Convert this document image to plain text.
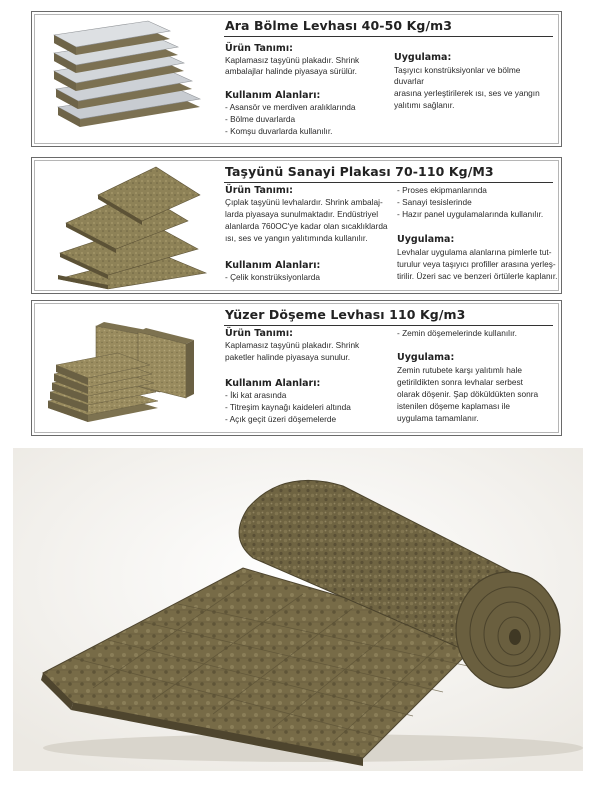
Ara Bölme Levhası 40-50 Kg/m3
Ürün Tanımı:
Kaplamasız taşyünü plakadır. Shrink
ambalajlar halinde piyasaya sürülür.
Kullanım Alanları:
- Asansör ve merdiven aralıklarında
- Bölme duvarlarda
- Komşu duvarlarda kullanılır.
Uygulama:
Taşıyıcı konstrüksiyonlar ve bölme
duvarlar
arasına yerleştirilerek ısı, ses ve yangın
yalıtımı sağlanır.
Taşyünü Sanayi Plakası 70-110 Kg/M3
Ürün Tanımı:
Çıplak taşyünü levhalardır. Shrink ambalaj-
larda piyasaya sunulmaktadır. Endüstriyel
alanlarda 760OC'ye kadar olan sıcaklıklarda
ısı, ses ve yangın yalıtımında kullanılır.
Kullanım Alanları:
- Çelik konstrüksiyonlarda
- Proses ekipmanlarında
- Sanayi tesislerinde
- Hazır panel uygulamalarında kullanılır.
Uygulama:
Levhalar uygulama alanlarına pimlerle tut-
turulur veya taşıyıcı profiller arasına yerleş-
tirilir. Üzeri sac ve benzeri örtülerle kaplanır.
Yüzer Döşeme Levhası 110 Kg/m3
Ürün Tanımı:
Kaplamasız taşyünü plakadır. Shrink
paketler halinde piyasaya sunulur.
Kullanım Alanları:
- İki kat arasında
- Titreşim kaynağı kaideleri altında
- Açık geçit üzeri döşemelerde
- Zemin döşemelerinde kullanılır.
Uygulama:
Zemin rutubete karşı yalıtımlı hale
getirildikten sonra levhalar serbest
olarak döşenir. Şap döküldükten sonra
istenilen döşeme kaplaması ile
uygulama tamamlanır.
